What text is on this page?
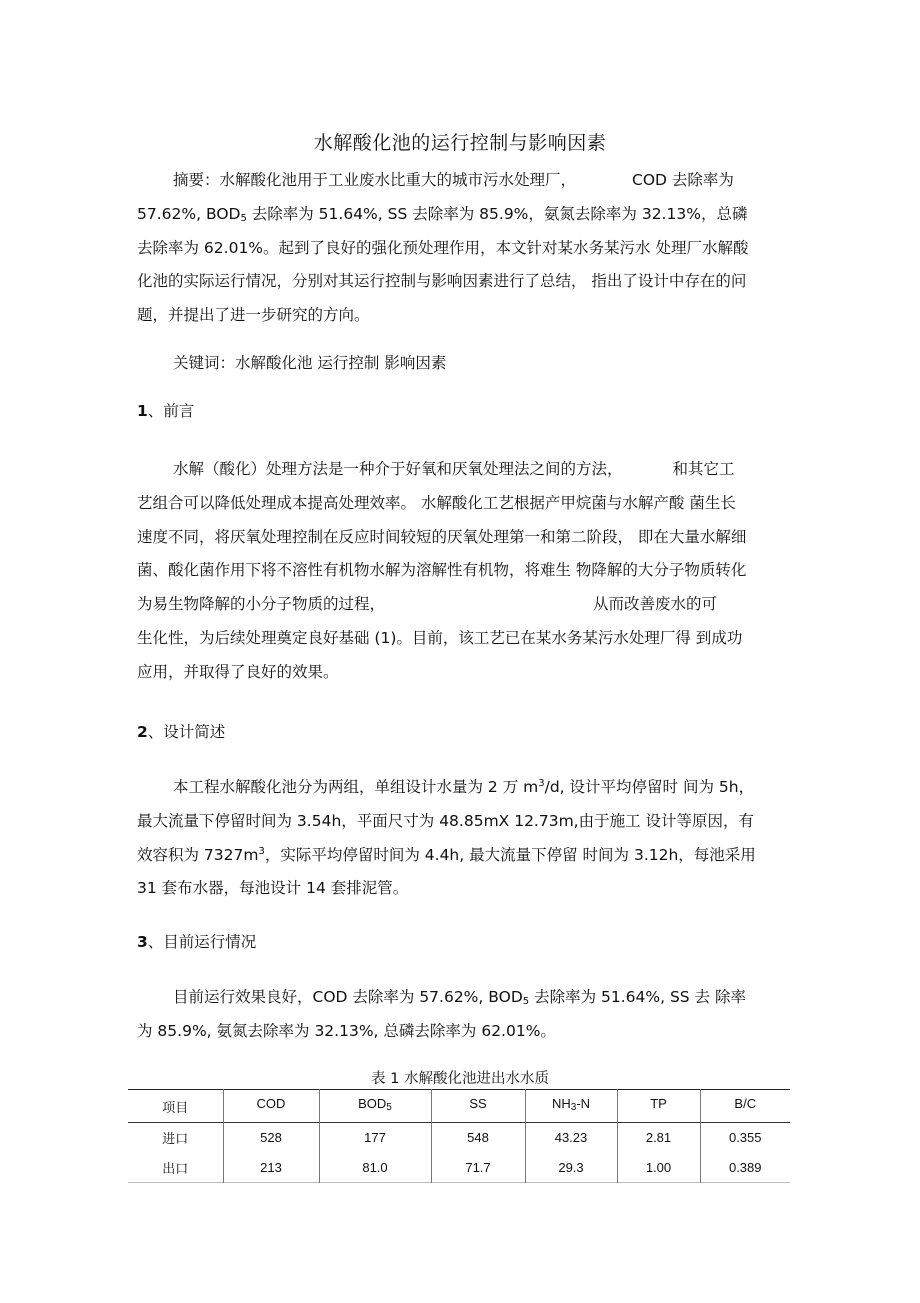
水解酸化池的运行控制与影响因素
摘要：水解酸化池用于工业废水比重大的城市污水处理厂，	COD 去除率为
57.62%, $BOD_5$ 去除率为 51.64%, SS 去除率为 85.9%，氨氮去除率为 32.13%，总磷
去除率为 62.01%。起到了良好的强化预处理作用，本文针对某水务某污水 处理厂水解酸
化池的实际运行情况，分别对其运行控制与影响因素进行了总结， 指出了设计中存在的问
题，并提出了进一步研究的方向。
关键词：水解酸化池 运行控制 影响因素
1、前言
水解（酸化）处理方法是一种介于好氧和厌氧处理法之间的方法，	和其它工
艺组合可以降低处理成本提高处理效率。 水解酸化工艺根据产甲烷菌与水解产酸 菌生长
速度不同，将厌氧处理控制在反应时间较短的厌氧处理第一和第二阶段， 即在大量水解细
菌、酸化菌作用下将不溶性有机物水解为溶解性有机物，将难生 物降解的大分子物质转化
为易生物降解的小分子物质的过程，	从而改善废水的可
生化性，为后续处理奠定良好基础 (1)。目前，该工艺已在某水务某污水处理厂得 到成功
应用，并取得了良好的效果。
2、设计简述
本工程水解酸化池分为两组，单组设计水量为 2 万 $m^3/d$, 设计平均停留时 间为 5h，
最大流量下停留时间为 3.54h，平面尺寸为 48.85mX 12.73m,由于施工 设计等原因，有
效容积为 $7327m^3$，实际平均停留时间为 4.4h, 最大流量下停留 时间为 3.12h，每池采用
31 套布水器，每池设计 14 套排泥管。
3、目前运行情况
目前运行效果良好，COD 去除率为 57.62%, $BOD_5$ 去除率为 51.64%, SS 去 除率
为 85.9%, 氨氮去除率为 32.13%, 总磷去除率为 62.01%。
表 1 水解酸化池进出水水质
项目	COD	$BOD_5$	SS	$NH_3-N$	TP	B/C
进口	528	177	548	43.23	2.81	0.355
出口	213	81.0	71.7	29.3	1.00	0.389
